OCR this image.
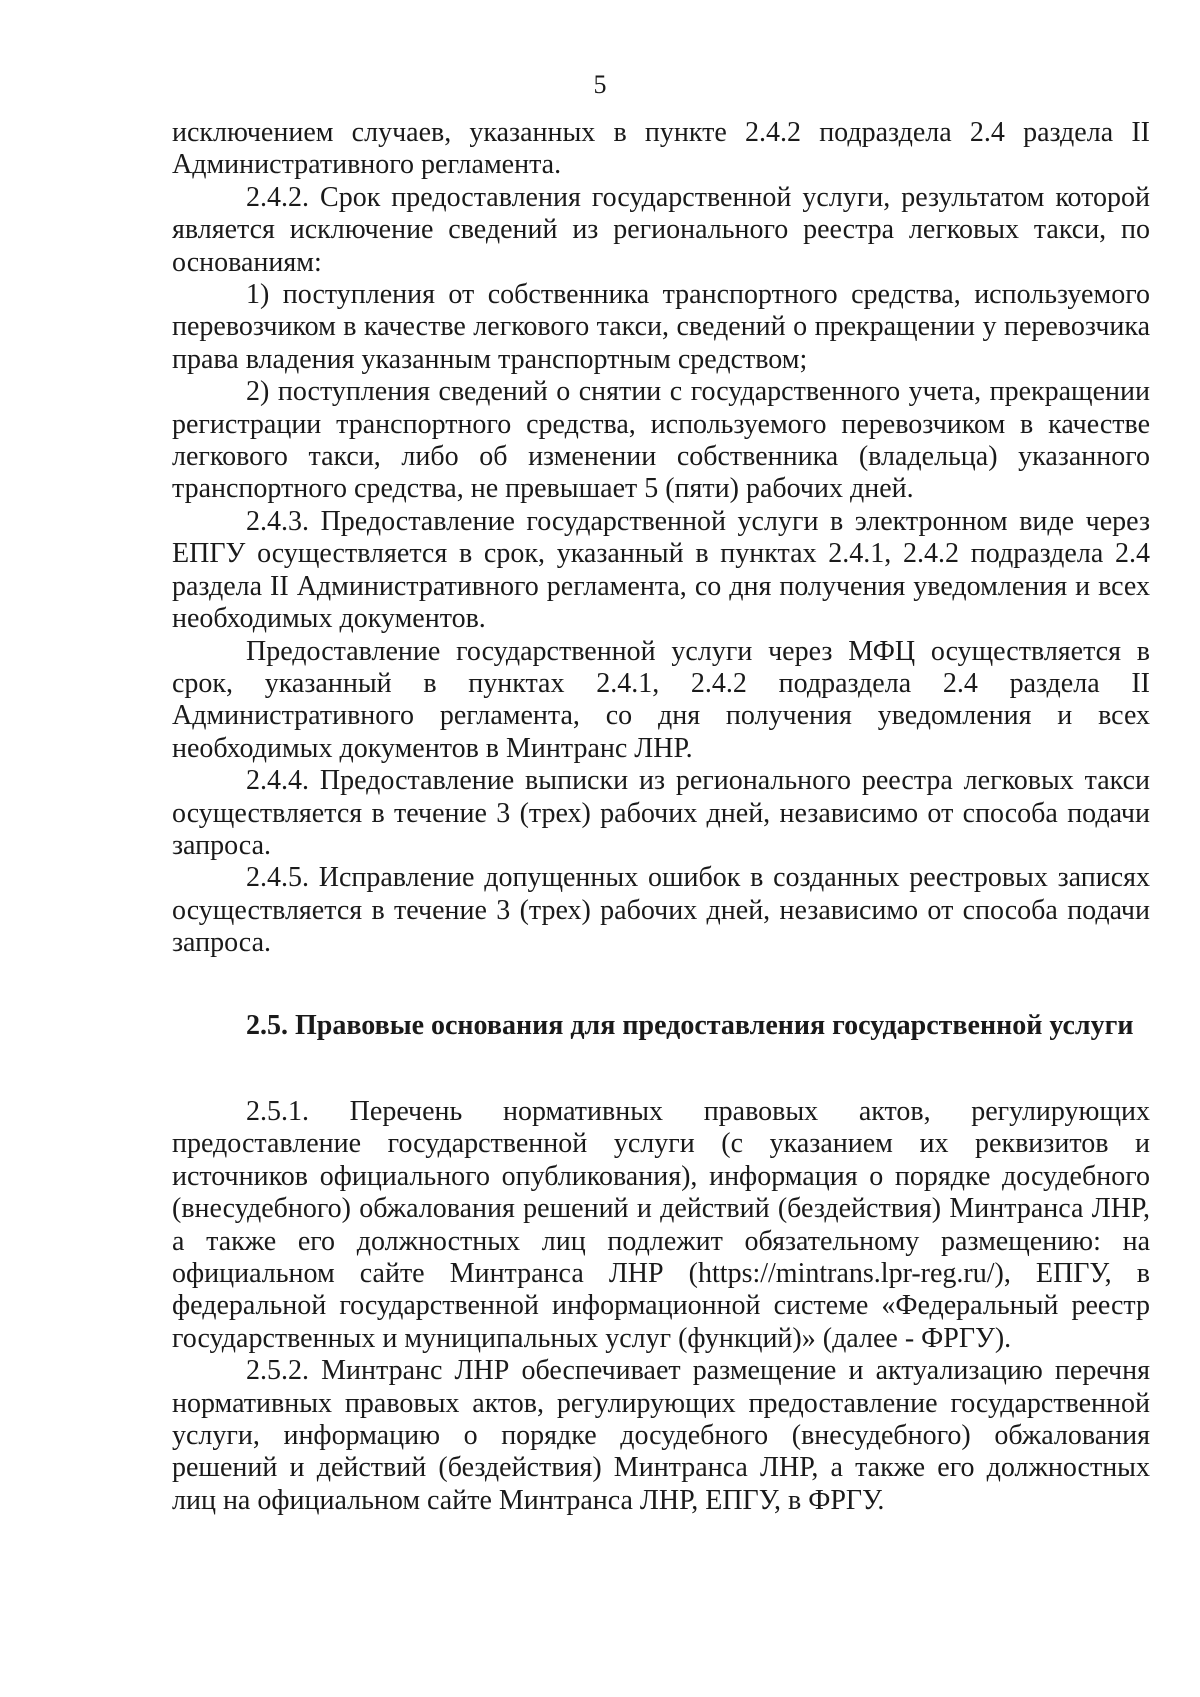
5

исключением случаев, указанных в пункте 2.4.2 подраздела 2.4 раздела II Административного регламента.

2.4.2. Срок предоставления государственной услуги, результатом которой является исключение сведений из регионального реестра легковых такси, по основаниям:

1) поступления от собственника транспортного средства, используемого перевозчиком в качестве легкового такси, сведений о прекращении у перевозчика права владения указанным транспортным средством;

2) поступления сведений о снятии с государственного учета, прекращении регистрации транспортного средства, используемого перевозчиком в качестве легкового такси, либо об изменении собственника (владельца) указанного транспортного средства, не превышает 5 (пяти) рабочих дней.

2.4.3. Предоставление государственной услуги в электронном виде через ЕПГУ осуществляется в срок, указанный в пунктах 2.4.1, 2.4.2 подраздела 2.4 раздела II Административного регламента, со дня получения уведомления и всех необходимых документов.

Предоставление государственной услуги через МФЦ осуществляется в срок, указанный в пунктах 2.4.1, 2.4.2 подраздела 2.4 раздела II Административного регламента, со дня получения уведомления и всех необходимых документов в Минтранс ЛНР.

2.4.4. Предоставление выписки из регионального реестра легковых такси осуществляется в течение 3 (трех) рабочих дней, независимо от способа подачи запроса.

2.4.5. Исправление допущенных ошибок в созданных реестровых записях осуществляется в течение 3 (трех) рабочих дней, независимо от способа подачи запроса.

2.5. Правовые основания для предоставления государственной услуги

2.5.1. Перечень нормативных правовых актов, регулирующих предоставление государственной услуги (с указанием их реквизитов и источников официального опубликования), информация о порядке досудебного (внесудебного) обжалования решений и действий (бездействия) Минтранса ЛНР, а также его должностных лиц подлежит обязательному размещению: на официальном сайте Минтранса ЛНР (https://mintrans.lpr-reg.ru/), ЕПГУ, в федеральной государственной информационной системе «Федеральный реестр государственных и муниципальных услуг (функций)» (далее - ФРГУ).

2.5.2. Минтранс ЛНР обеспечивает размещение и актуализацию перечня нормативных правовых актов, регулирующих предоставление государственной услуги, информацию о порядке досудебного (внесудебного) обжалования решений и действий (бездействия) Минтранса ЛНР, а также его должностных лиц на официальном сайте Минтранса ЛНР, ЕПГУ, в ФРГУ.
